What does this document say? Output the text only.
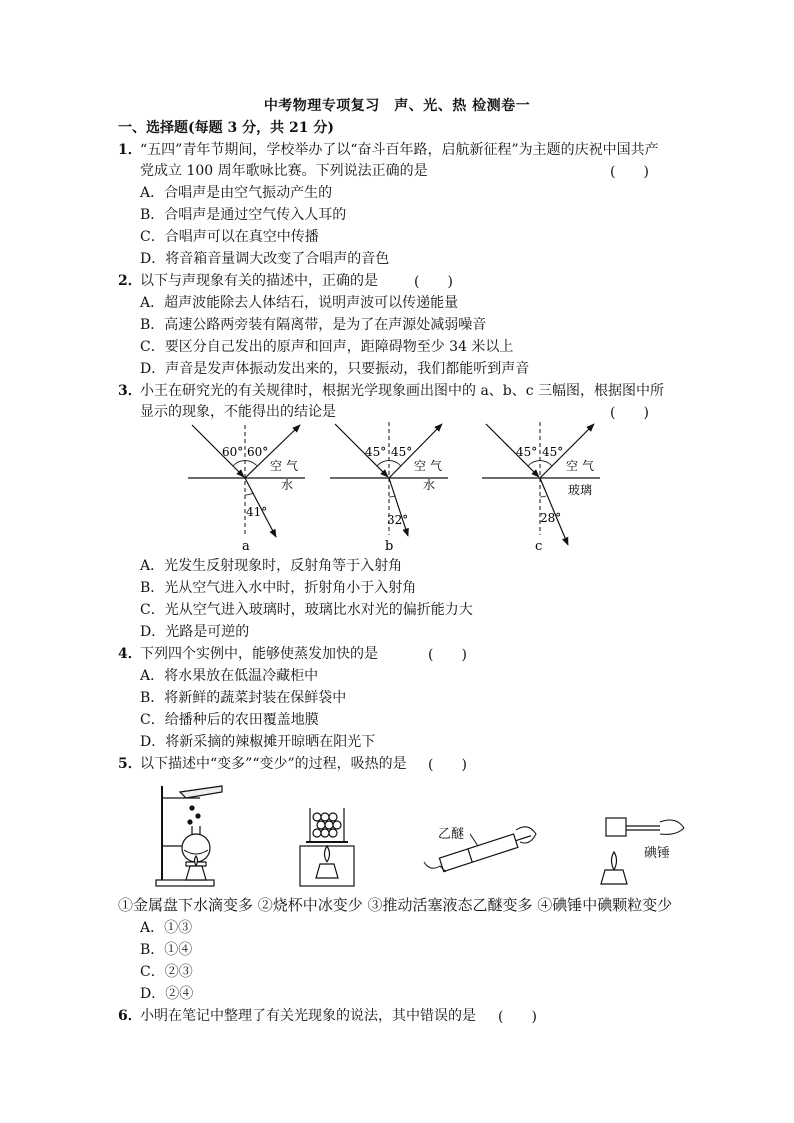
中考物理专项复习　声、光、热 检测卷一
一、选择题(每题 3 分，共 21 分)
1．
“五四”青年节期间，学校举办了以“奋斗百年路，启航新征程”为主题的庆祝中国共产
党成立 100 周年歌咏比赛。下列说法正确的是	(　　)
A．合唱声是由空气振动产生的
B．合唱声是通过空气传入人耳的
C．合唱声可以在真空中传播
D．将音箱音量调大改变了合唱声的音色
2．
以下与声现象有关的描述中，正确的是	(　　)
A．超声波能除去人体结石，说明声波可以传递能量
B．高速公路两旁装有隔离带，是为了在声源处减弱噪音
C．要区分自己发出的原声和回声，距障碍物至少 34 米以上
D．声音是发声体振动发出来的，只要振动，我们都能听到声音
3．
小王在研究光的有关规律时，根据光学现象画出图中的 a、b、c 三幅图，根据图中所
显示的现象，不能得出的结论是	(　　)
60° 60°
空气
水
41°
a
45° 45°
空气
水
32°
b
45° 45°
空气
玻璃
28°
c
A．光发生反射现象时，反射角等于入射角
B．光从空气进入水中时，折射角小于入射角
C．光从空气进入玻璃时，玻璃比水对光的偏折能力大
D．光路是可逆的
4．
下列四个实例中，能够使蒸发加快的是	(　　)
A．将水果放在低温冷藏柜中
B．将新鲜的蔬菜封装在保鲜袋中
C．给播种后的农田覆盖地膜
D．将新采摘的辣椒摊开晾晒在阳光下
5．
以下描述中“变多”“变少”的过程，吸热的是 (　　)
乙醚
碘锤
①金属盘下水滴变多 ②烧杯中冰变少 ③推动活塞液态乙醚变多 ④碘锤中碘颗粒变少
A．①③
B．①④
C．②③
D．②④
6．
小明在笔记中整理了有关光现象的说法，其中错误的是 (　　)
